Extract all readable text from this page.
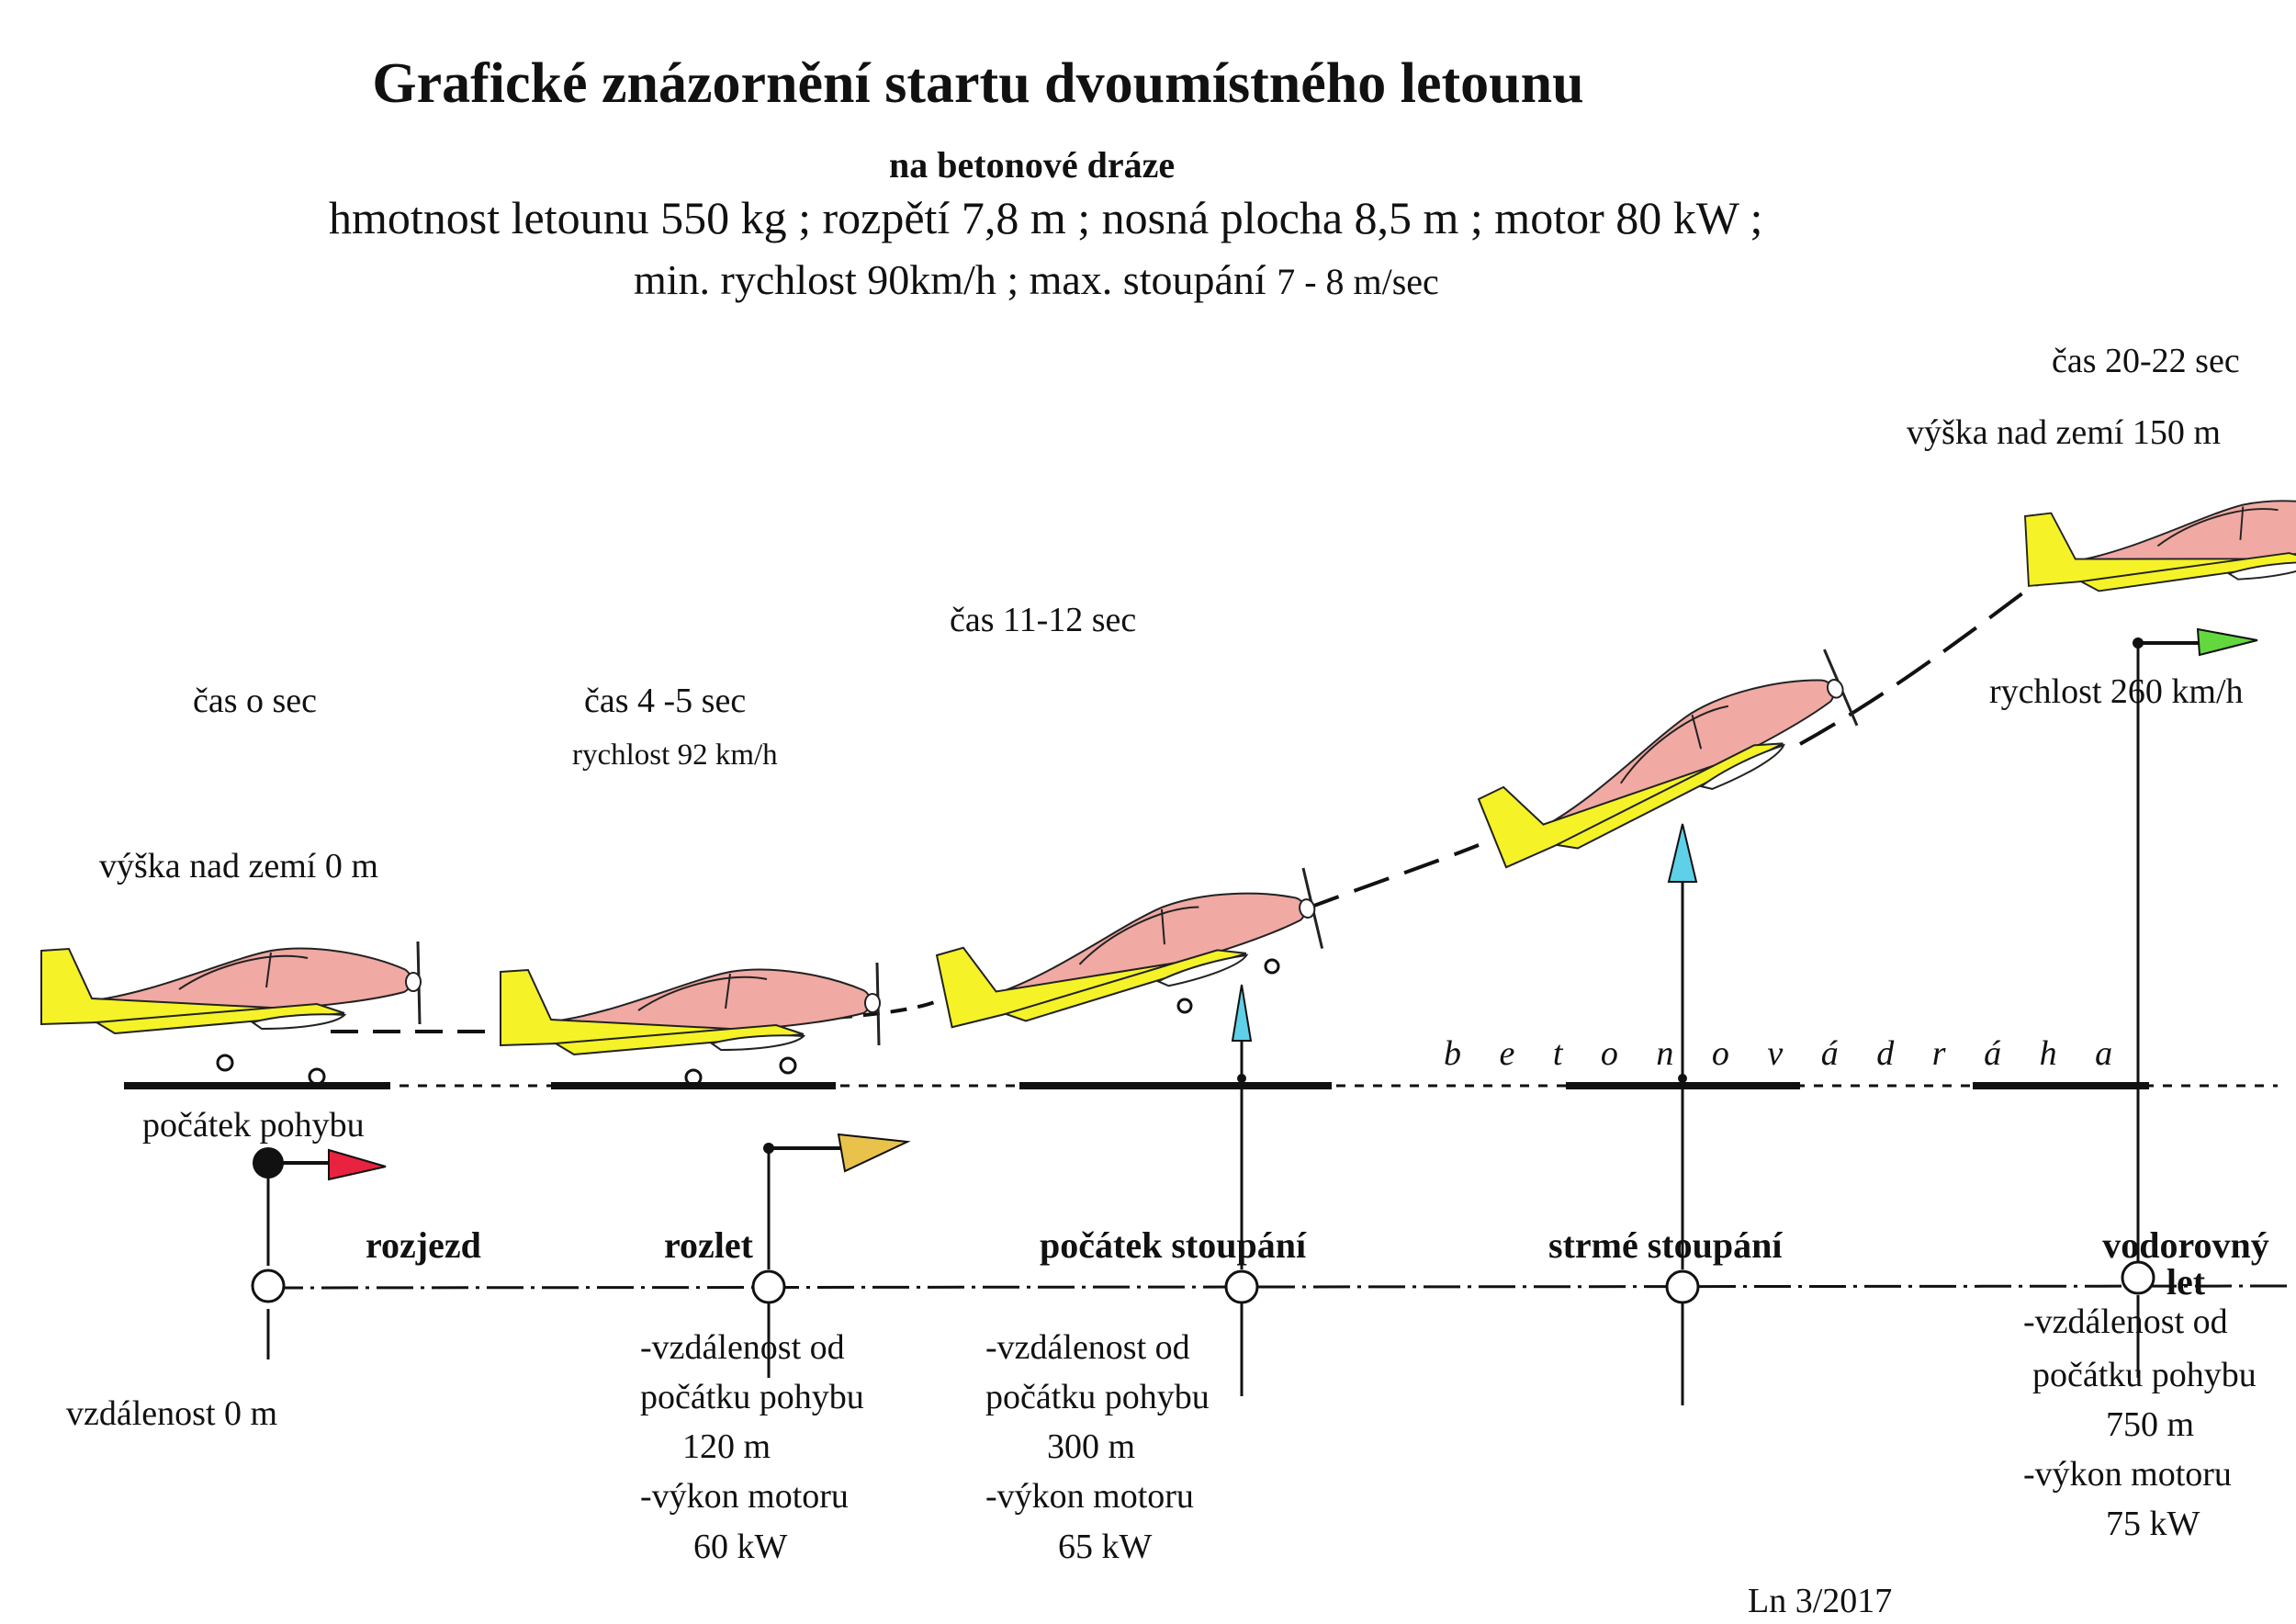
Grafické znázornění startu dvoumístného letounu
na betonové dráze
hmotnost letounu 550 kg ; rozpětí 7,8 m ; nosná plocha 8,5 m ; motor 80 kW ;
min. rychlost 90km/h ; max. stoupání 7 - 8 m/sec
čas o sec
výška nad zemí 0 m
čas 4 -5 sec
rychlost 92 km/h
čas 11-12 sec
čas 20-22 sec
výška nad zemí 150 m
rychlost 260 km/h
b e t o n o v á d r á h a
počátek pohybu
rozjezd	rozlet	počátek stoupání	strmé stoupání	vodorovný let
vzdálenost 0 m
-vzdálenost od
počátku pohybu
120 m
-výkon motoru
60 kW
-vzdálenost od
počátku pohybu
300 m
-výkon motoru
65 kW
-vzdálenost od
počátku pohybu
750 m
-výkon motoru
75 kW
Ln 3/2017
